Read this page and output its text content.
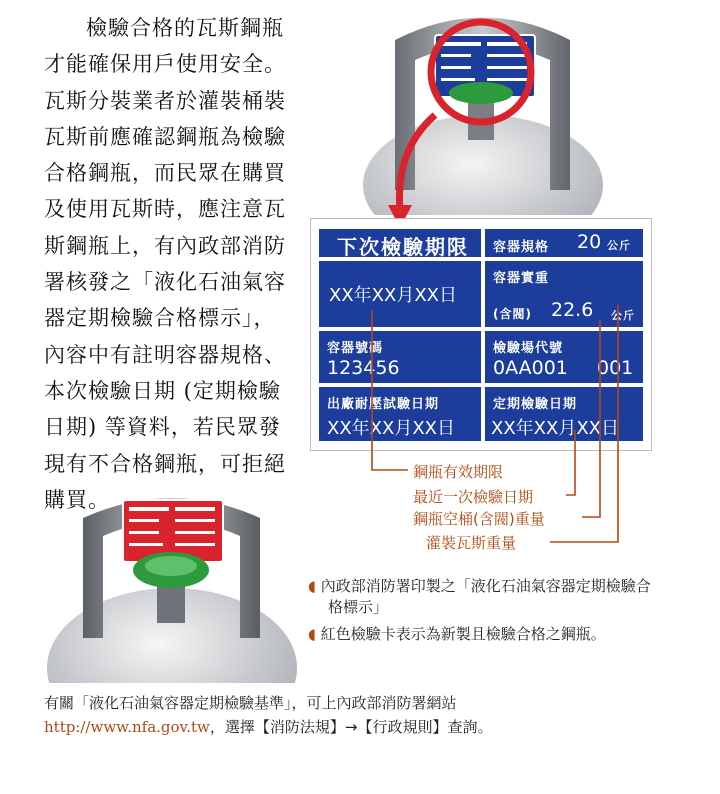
檢驗合格的瓦斯鋼瓶
才能確保用戶使用安全。
瓦斯分裝業者於灌裝桶裝
瓦斯前應確認鋼瓶為檢驗
合格鋼瓶，而民眾在購買
及使用瓦斯時，應注意瓦
斯鋼瓶上，有內政部消防
署核發之「液化石油氣容
器定期檢驗合格標示」，
內容中有註明容器規格、
本次檢驗日期 (定期檢驗
日期) 等資料，若民眾發
現有不合格鋼瓶，可拒絕
購買。
下次檢驗期限
XX年XX月XX日
容器規格 20 公斤
容器實重
(含閥) 22.6 公斤
容器號碼
123456
檢驗場代號
0AA001 001
出廠耐壓試驗日期
XX年XX月XX日
定期檢驗日期
XX年XX月XX日
鋼瓶有效期限
最近一次檢驗日期
鋼瓶空桶(含閥)重量
灌裝瓦斯重量
◖ 內政部消防署印製之「液化石油氣容器定期檢驗合格標示」
◖ 紅色檢驗卡表示為新製且檢驗合格之鋼瓶。
有關「液化石油氣容器定期檢驗基準」，可上內政部消防署網站
http://www.nfa.gov.tw，選擇【消防法規】→【行政規則】查詢。
